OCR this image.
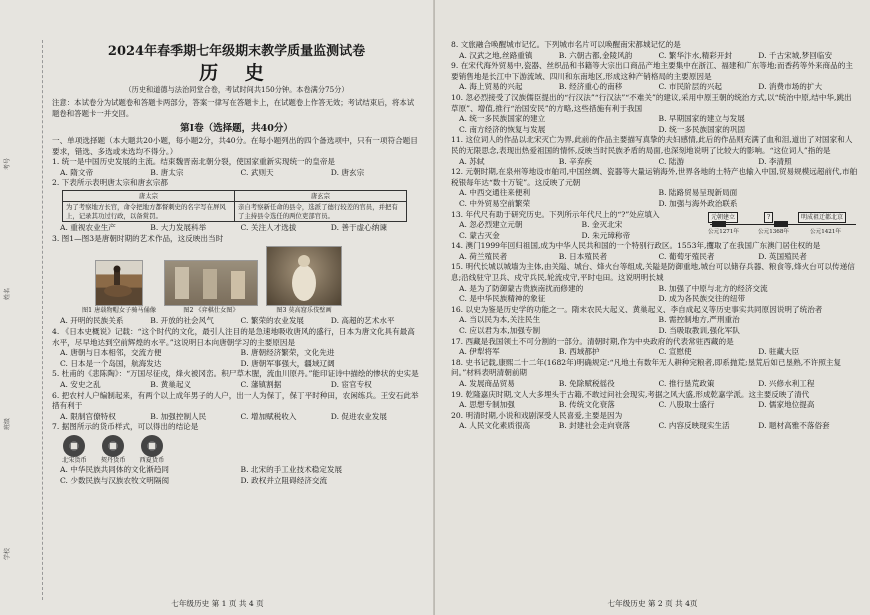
学校
班级
姓名
考号

2024年春季期七年级期末教学质量监测试卷

历 史

（历史和道德与法治同堂合卷，考试时间共150分钟。本卷满分75分）
注意：本试卷分为试题卷和答题卡两部分，答案一律写在答题卡上，在试题卷上作答无效；考试结束后，将本试题卷和答题卡一并交回。
第Ⅰ卷（选择题，共40分）
一、单项选择题（本大题共20小题，每小题2分，共40分。在每小题列出的四个备选项中，只有一项符合题目要求，错选、多选或未选均不得分。）

1. 统一是中国历史发展的主流。结束魏晋南北朝分裂，使国家重新实现统一的皇帝是

A. 隋文帝	B. 唐太宗	C. 武则天	D. 唐玄宗

2. 下表所示表明唐太宗和唐玄宗都

唐太宗	唐玄宗
为了考察地方长官，命令把地方都督刺史的名字写在屏风上，记录其功过行政，以备赏罚。	亲自考察新任命的县令，选派了德行较差的官员，并把有了主持县令选任的两位吏部官员。
A. 重视农业生产	B. 大力发展科举	C. 关注人才选拔	D. 善于虚心纳谏

3. 图1—图3是唐朝时期的艺术作品，这反映出当时

图1 唐载物帽女子骑马俑像	图2 《弈棋仕女图》	图3 莫高窟乐伎壁画
A. 开明的民族关系	B. 开放的社会风气	C. 繁荣的农业发展	D. 高超的艺术水平

4. 《日本史概说》记载：“这个时代的文化，最引人注目的是急速地吸收唐风的盛行，日本为唐文化具有最高水平，尽早地达到空前辉煌的水平。”这说明日本向唐朝学习的主要原因是

A. 唐朝与日本相邻，交流方便	B. 唐朝经济繁荣，文化先进
C. 日本是一个岛国，航海发达	D. 唐朝军事强大，疆域辽阔

5. 杜甫的《悲陈陶》：“万国尽征戍，烽火被冈峦。积尸草木腥，流血川原丹。”能印证诗中描绘的惨状的史实是

A. 安史之乱	B. 黄巢起义	C. 藩镇割据	D. 宦官专权

6. 把农村人户编制起来，有两个以上成年男子的人户，出一人为保丁，保丁平时种田，农闲练兵。王安石此举措有利于

A. 限制官僚特权	B. 加强控制人民	C. 增加赋税收入	D. 促进农业发展

7. 据图所示的货币样式，可以得出的结论是

北宋货币 契丹货币 西夏货币
A. 中华民族共同体的文化渐趋同	B. 北宋的手工业技术稳定发展
C. 少数民族与汉族农牧文明隔阂	D. 政权并立阻碍经济交流
七年级历史 第 1 页 共 4 页

8. 文旅融合唤醒城市记忆。下列城市名片可以唤醒南宋都城记忆的是

A. 汉武之地,丝路重镇	B. 六朝古都,金陵风韵	C. 繁华汴水,精彩开封	D. 千古宋城,梦回临安

9. 在宋代海外贸易中,瓷器、丝织品和书籍等大宗出口商品产地主要集中在浙江、福建和广东等地;而香药等外来商品的主要销售地是长江中下游流域、四川和东南地区,形成这种产销格局的主要原因是

A. 海上贸易的兴起	B. 经济重心的南移	C. 市民阶层的兴起	D. 消费市场的扩大

10. 忽必烈接受了汉族儒臣提出的“行汉法”“行汉法”“不难关”的建议,采用中原王朝的统治方式,以“统治中原,结中华,跳出草原”、增值,推行“治国安民”的方略,这些措施有利于我国

A. 统一多民族国家的建立	B. 早期国家的建立与发展
C. 南方经济的恢复与发展	D. 统一多民族国家的巩固

11. 这位词人的作品以北宋灭亡为界,此前的作品主要描写真挚的夫妇感情,此后的作品则充满了血和泪,道出了对国家和人民的无限思念,表现出热爱祖国的情怀,反映当时民族矛盾的局面,也深刻地说明了比较大的影响。“这位词人”指的是

A. 苏轼	B. 辛弃疾	C. 陆游	D. 李清照

12. 元朝时期,在泉州等地设市舶司,中国丝绸、瓷器等大量运销海外,世界各地的土特产也输入中国,贸易规模远超前代,市舶税银每年达“数十万锭”。这反映了元朝

A. 中西交通往来便利	B. 陆路贸易呈现新局面
C. 中外贸易空前繁荣	D. 加强与海外政治联系

13. 年代尺有助于研究历史。下列所示年代尺上的“?”处应填入

A. 忽必烈建立元朝	B. 金灭北宋
C. 蒙古灭金	D. 朱元璋称帝
元朝建立	?	明成祖迁都北京
公元1271年	公元1368年	公元1421年

14. 澳门1999年回归祖国,成为中华人民共和国的一个特别行政区。1553年,攫取了在我国广东澳门居住权的是

A. 荷兰殖民者	B. 日本殖民者	C. 葡萄牙殖民者	D. 英国殖民者

15. 明代长城以城墙为主体,由关隘、城台、烽火台等组成,关隘是防御重地,城台可以储存兵器、粮食等,烽火台可以传递信息;沿线驻守卫兵、戍守兵民,轮流戍守,平时屯田。这说明明长城

A. 是为了防御蒙古贵族南扰而修建的	B. 加强了中原与北方的经济交流
C. 是中华民族精神的象征	D. 成为各民族交往的纽带

16. 以史为鉴是历史学的功能之一。隋末农民大起义、黄巢起义、李自成起义等历史事实共同原因说明了统治者

A. 当以民为本,关注民生	B. 需控制地方,严刑重治
C. 应以君为本,加强专制	D. 当吸取教训,强化军队

17. 西藏是我国领土不可分割的一部分。清朝时期,作为中央政府的代表常驻西藏的是

A. 伊犁将军	B. 西域都护	C. 宣慰使	D. 驻藏大臣

18. 史书记载,康熙二十二年(1682年)明确规定:“凡地土有数年无人耕种完粮者,即系抛荒;垦荒后如已垦熟,不许照主复问。”材料表明清朝前期

A. 发展商品贸易	B. 免除赋税徭役	C. 推行垦荒政策	D. 兴修水利工程

19. 乾隆嘉庆时期,文人大多埋头于古籍,不敢过问社会现实,考据之风大盛,形成乾嘉学派。这主要反映了清代

A. 思想专制加强	B. 传统文化衰落	C. 八股取士盛行	D. 儒家地位提高

20. 明清时期,小说和戏剧深受人民喜爱,主要是因为

A. 人民文化素质很高	B. 封建社会走向衰落	C. 内容反映现实生活	D. 题材高雅不落俗套
七年级历史 第 2 页 共 4页
